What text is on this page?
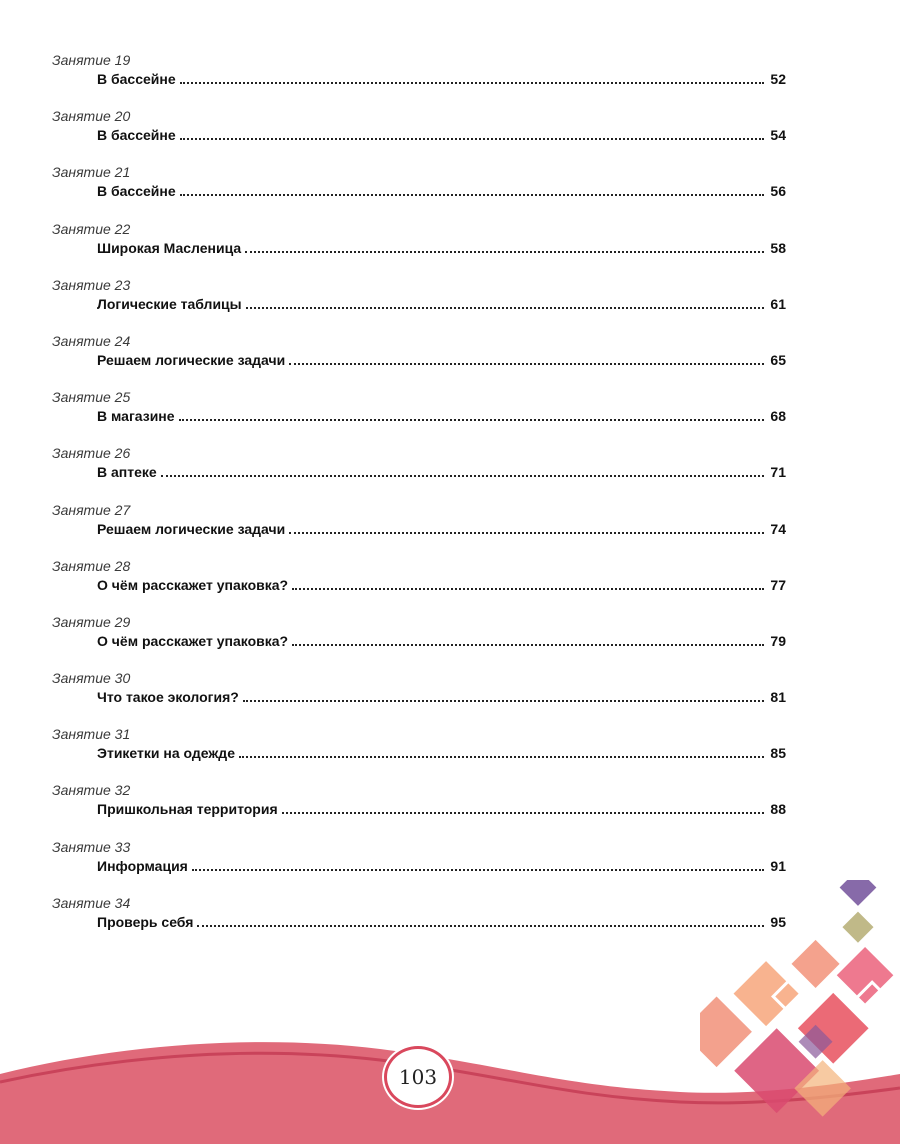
Занятие 19
В бассейне	52
Занятие 20
В бассейне	54
Занятие 21
В бассейне	56
Занятие 22
Широкая Масленица	58
Занятие 23
Логические таблицы	61
Занятие 24
Решаем логические задачи	65
Занятие 25
В магазине	68
Занятие 26
В аптеке	71
Занятие 27
Решаем логические задачи	74
Занятие 28
О чём расскажет упаковка?	77
Занятие 29
О чём расскажет упаковка?	79
Занятие 30
Что такое экология?	81
Занятие 31
Этикетки на одежде	85
Занятие 32
Пришкольная территория	88
Занятие 33
Информация	91
Занятие 34
Проверь себя	95
103
